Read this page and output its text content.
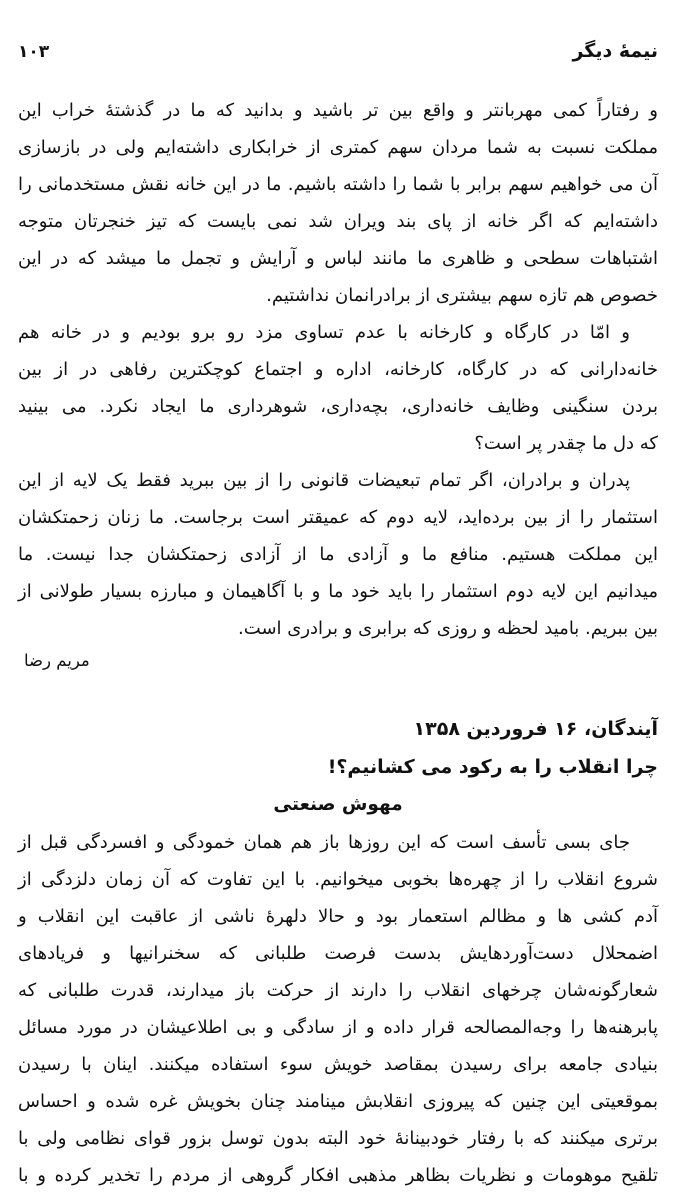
نیمهٔ دیگر
۱۰۳
و رفتاراً کمی مهربانتر و واقع بین تر باشید و بدانید که ما در گذشتهٔ خراب این
مملکت نسبت به شما مردان سهم کمتری از خرابکاری داشته‌ایم ولی در بازسازی
آن می خواهیم سهم برابر با شما را داشته باشیم. ما در این خانه نقش مستخدمانی را
داشته‌ایم که اگر خانه از پای بند ویران شد نمی بایست که تیز خنجرتان متوجه
اشتباهات سطحی و ظاهری ما مانند لباس و آرایش و تجمل ما میشد که در این
خصوص هم تازه سهم بیشتری از برادرانمان نداشتیم.
و امّا در کارگاه و کارخانه با عدم تساوی مزد رو برو بودیم و در خانه هم
خانه‌دارانی که در کارگاه، کارخانه، اداره و اجتماع کوچکترین رفاهی در از بین
بردن سنگینی وظایف خانه‌داری، بچه‌داری، شوهرداری ما ایجاد نکرد. می بینید
که دل ما چقدر پر است؟
پدران و برادران، اگر تمام تبعیضات قانونی را از بین ببرید فقط یک لایه از این
استثمار را از بین برده‌اید، لایه دوم که عمیقتر است برجاست. ما زنان زحمتکشان
این مملکت هستیم. منافع ما و آزادی ما از آزادی زحمتکشان جدا نیست. ما
میدانیم این لایه دوم استثمار را باید خود ما و با آگاهیمان و مبارزه بسیار طولانی از
بین ببریم. بامید لحظه و روزی که برابری و برادری است.
مریم رضا
آیندگان، ۱۶ فروردین ۱۳۵۸
چرا انقلاب را به رکود می کشانیم؟!
مهوش صنعتی
جای بسی تأسف است که این روزها باز هم همان خمودگی و افسردگی قبل از
شروع انقلاب را از چهره‌ها بخوبی میخوانیم. با این تفاوت که آن زمان دلزدگی از
آدم کشی ها و مظالم استعمار بود و حالا دلهرهٔ ناشی از عاقبت این انقلاب و
اضمحلال دست‌آوردهایش بدست فرصت طلبانی که سخنرانیها و فریادهای
شعارگونه‌شان چرخهای انقلاب را دارند از حرکت باز میدارند، قدرت طلبانی که
پابرهنه‌ها را وجه‌المصالحه قرار داده و از سادگی و بی اطلاعیشان در مورد مسائل
بنیادی جامعه برای رسیدن بمقاصد خویش سوء استفاده میکنند. اینان با رسیدن
بموقعیتی این چنین که پیروزی انقلابش مینامند چنان بخویش غره شده و احساس
برتری میکنند که با رفتار خودبینانهٔ خود البته بدون توسل بزور قوای نظامی ولی با
تلقیح موهومات و نظریات بظاهر مذهبی افکار گروهی از مردم را تخدیر کرده و با
